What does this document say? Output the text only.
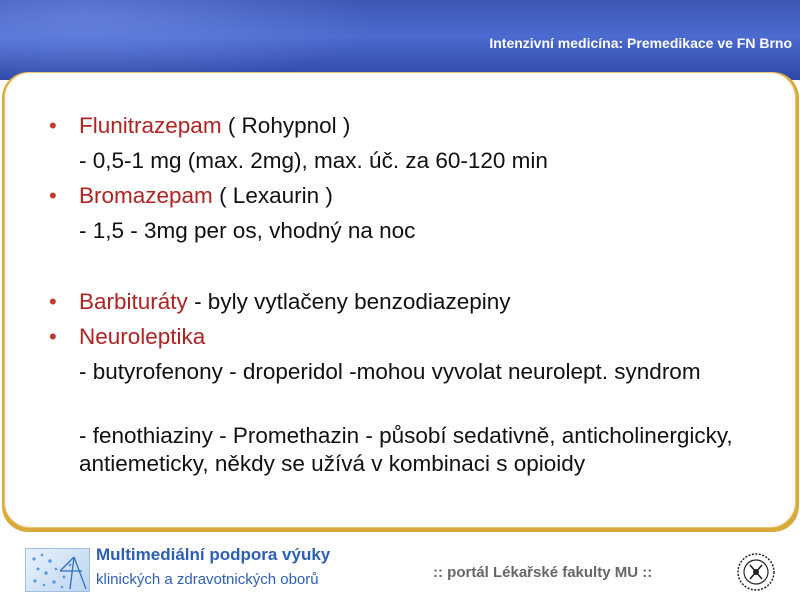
Intenzivní medicína: Premedikace ve FN Brno
• Flunitrazepam ( Rohypnol )
- 0,5-1 mg (max. 2mg), max. úč. za 60-120 min
• Bromazepam ( Lexaurin )
- 1,5 - 3mg per os, vhodný na noc
• Barbituráty - byly vytlačeny benzodiazepiny
• Neuroleptika
- butyrofenony - droperidol -mohou vyvolat neurolept. syndrom
- fenothiaziny - Promethazin - působí sedativně, anticholinergicky, antiemeticky, někdy se užívá v kombinaci s opioidy
Multimediální podpora výuky
klinických a zdravotnických oborů	:: portál Lékařské fakulty MU ::
